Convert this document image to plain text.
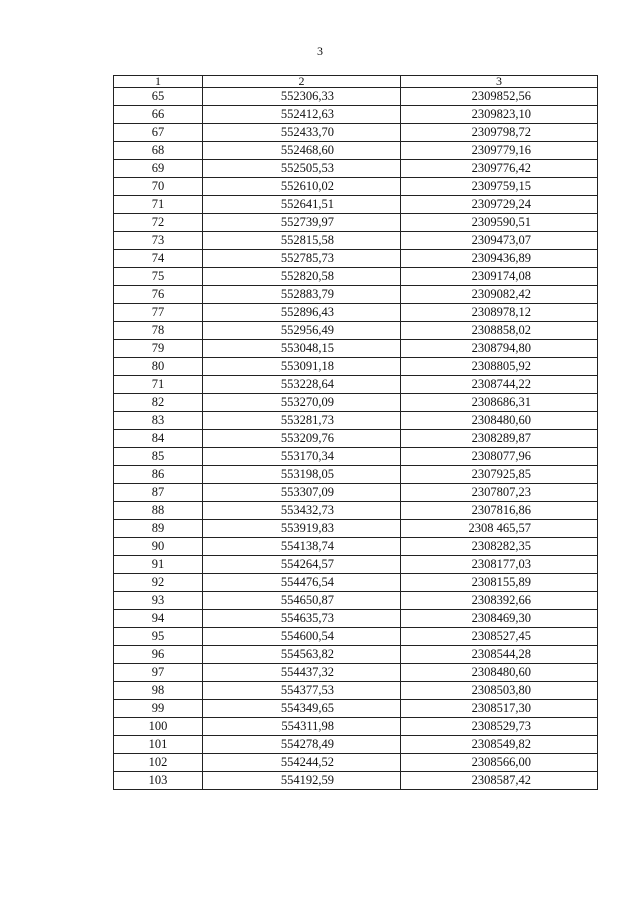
3
1	2	3
65	552306,33	2309852,56
66	552412,63	2309823,10
67	552433,70	2309798,72
68	552468,60	2309779,16
69	552505,53	2309776,42
70	552610,02	2309759,15
71	552641,51	2309729,24
72	552739,97	2309590,51
73	552815,58	2309473,07
74	552785,73	2309436,89
75	552820,58	2309174,08
76	552883,79	2309082,42
77	552896,43	2308978,12
78	552956,49	2308858,02
79	553048,15	2308794,80
80	553091,18	2308805,92
71	553228,64	2308744,22
82	553270,09	2308686,31
83	553281,73	2308480,60
84	553209,76	2308289,87
85	553170,34	2308077,96
86	553198,05	2307925,85
87	553307,09	2307807,23
88	553432,73	2307816,86
89	553919,83	2308 465,57
90	554138,74	2308282,35
91	554264,57	2308177,03
92	554476,54	2308155,89
93	554650,87	2308392,66
94	554635,73	2308469,30
95	554600,54	2308527,45
96	554563,82	2308544,28
97	554437,32	2308480,60
98	554377,53	2308503,80
99	554349,65	2308517,30
100	554311,98	2308529,73
101	554278,49	2308549,82
102	554244,52	2308566,00
103	554192,59	2308587,42
